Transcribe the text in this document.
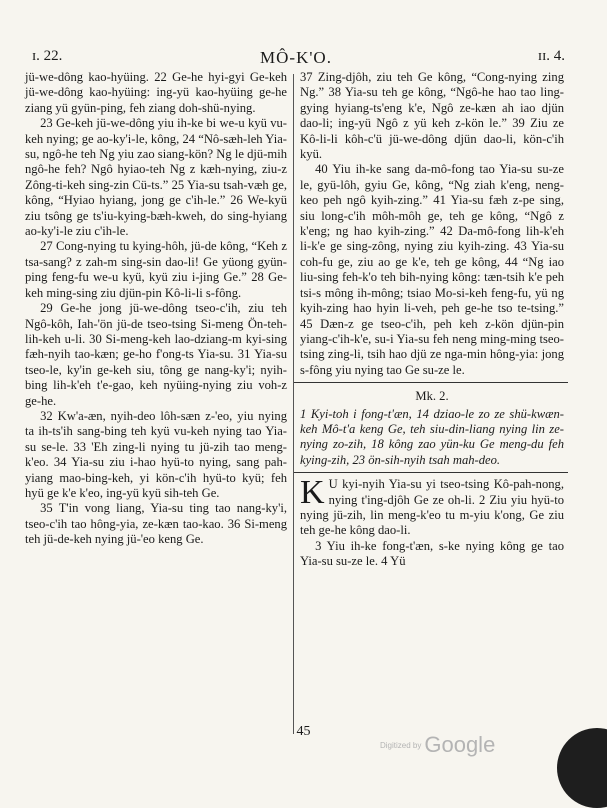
ɪ. 22.	MÔ-K'O.	ɪɪ. 4.

jü-we-dông kao-hyüing. 22 Ge-he hyi-gyi Ge-keh jü-we-dông kao-hyüing: ing-yü kao-hyüing ge-he ziang yü gyün-ping, feh ziang doh-shü-nying.

23 Ge-keh jü-we-dông yiu ih-ke bi we-u kyü vu-keh nying; ge ao-ky'i-le, kông, 24 “Nô-sæh-leh Yia-su, ngô-he teh Ng yiu zao siang-kön? Ng le djü-mih ngô-he feh? Ngô hyiao-teh Ng z kæh-nying, ziu-z Zông-ti-keh sing-zin Cü-ts.” 25 Yia-su tsah-væh ge, kông, “Hyiao hyiang, jong ge c'ih-le.” 26 We-kyü ziu tsông ge ts'iu-kying-bæh-kweh, do sing-hyiang ao-ky'i-le ziu c'ih-le.

27 Cong-nying tu kying-hôh, jü-de kông, “Keh z tsa-sang? z zah-m sing-sin dao-li! Ge yüong gyün-ping feng-fu we-u kyü, kyü ziu i-jing Ge.” 28 Ge-keh ming-sing ziu djün-pin Kô-li-li s-fông.

29 Ge-he jong jü-we-dông tseo-c'ih, ziu teh Ngô-kôh, Iah-'ön jü-de tseo-tsing Si-meng Ön-teh-lih-keh u-li. 30 Si-meng-keh lao-dziang-m kyi-sing fæh-nyih tao-kæn; ge-ho f'ong-ts Yia-su. 31 Yia-su tseo-le, ky'in ge-keh siu, tông ge nang-ky'i; nyih-bing lih-k'eh t'e-gao, keh nyüing-nying ziu voh-z ge-he.

32 Kw'a-æn, nyih-deo lôh-sæn z-'eo, yiu nying ta ih-ts'ih sang-bing teh kyü vu-keh nying tao Yia-su se-le. 33 'Eh zing-li nying tu jü-zih tao meng-k'eo. 34 Yia-su ziu i-hao hyü-to nying, sang pah-yiang mao-bing-keh, yi kön-c'ih hyü-to kyü; feh hyü ge k'e k'eo, ing-yü kyü sih-teh Ge.

35 T'in vong liang, Yia-su ting tao nang-ky'i, tseo-c'ih tao hông-yia, ze-kæn tao-kao. 36 Si-meng teh jü-de-keh nying jü-'eo keng Ge.

37 Zing-djôh, ziu teh Ge kông, “Cong-nying zing Ng.” 38 Yia-su teh ge kông, “Ngô-he hao tao ling-gying hyiang-ts'eng k'e, Ngô ze-kæn ah iao djün dao-li; ing-yü Ngô z yü keh z-kön le.” 39 Ziu ze Kô-li-li kôh-c'ü jü-we-dông djün dao-li, kön-c'ih kyü.

40 Yiu ih-ke sang da-mô-fong tao Yia-su su-ze le, gyü-lôh, gyiu Ge, kông, “Ng ziah k'eng, neng-keo peh ngô kyih-zing.” 41 Yia-su fæh z-pe sing, siu long-c'ih môh-môh ge, teh ge kông, “Ngô z k'eng; ng hao kyih-zing.” 42 Da-mô-fong lih-k'eh li-k'e ge sing-zông, nying ziu kyih-zing. 43 Yia-su coh-fu ge, ziu ao ge k'e, teh ge kông, 44 “Ng iao liu-sing feh-k'o teh bih-nying kông: tæn-tsih k'e peh tsi-s mông ih-mông; tsiao Mo-si-keh feng-fu, yü ng kyih-zing hao hyin li-veh, peh ge-he tso te-tsing.” 45 Dæn-z ge tseo-c'ih, peh keh z-kön djün-pin yiang-c'ih-k'e, su-i Yia-su feh neng ming-ming tseo-tsing zing-li, tsih hao djü ze nga-min hông-yia: jong s-fông yiu nying tao Ge su-ze le.

Mk. 2.

1 Kyi-toh i fong-t'æn, 14 dziao-le zo ze shü-kwæn-keh Mô-t'a keng Ge, teh siu-din-liang nying lin ze-nying zo-zih, 18 kông zao yün-ku Ge meng-du feh kying-zih, 23 ön-sih-nyih tsah mah-deo.

K U kyi-nyih Yia-su yi tseo-tsing Kô-pah-nong, nying t'ing-djôh Ge ze oh-li. 2 Ziu yiu hyü-to nying jü-zih, lin meng-k'eo tu m-yiu k'ong, Ge ziu teh ge-he kông dao-li.

3 Yiu ih-ke fong-t'æn, s-ke nying kông ge tao Yia-su su-ze le. 4 Yü

45
Digitized by Google
